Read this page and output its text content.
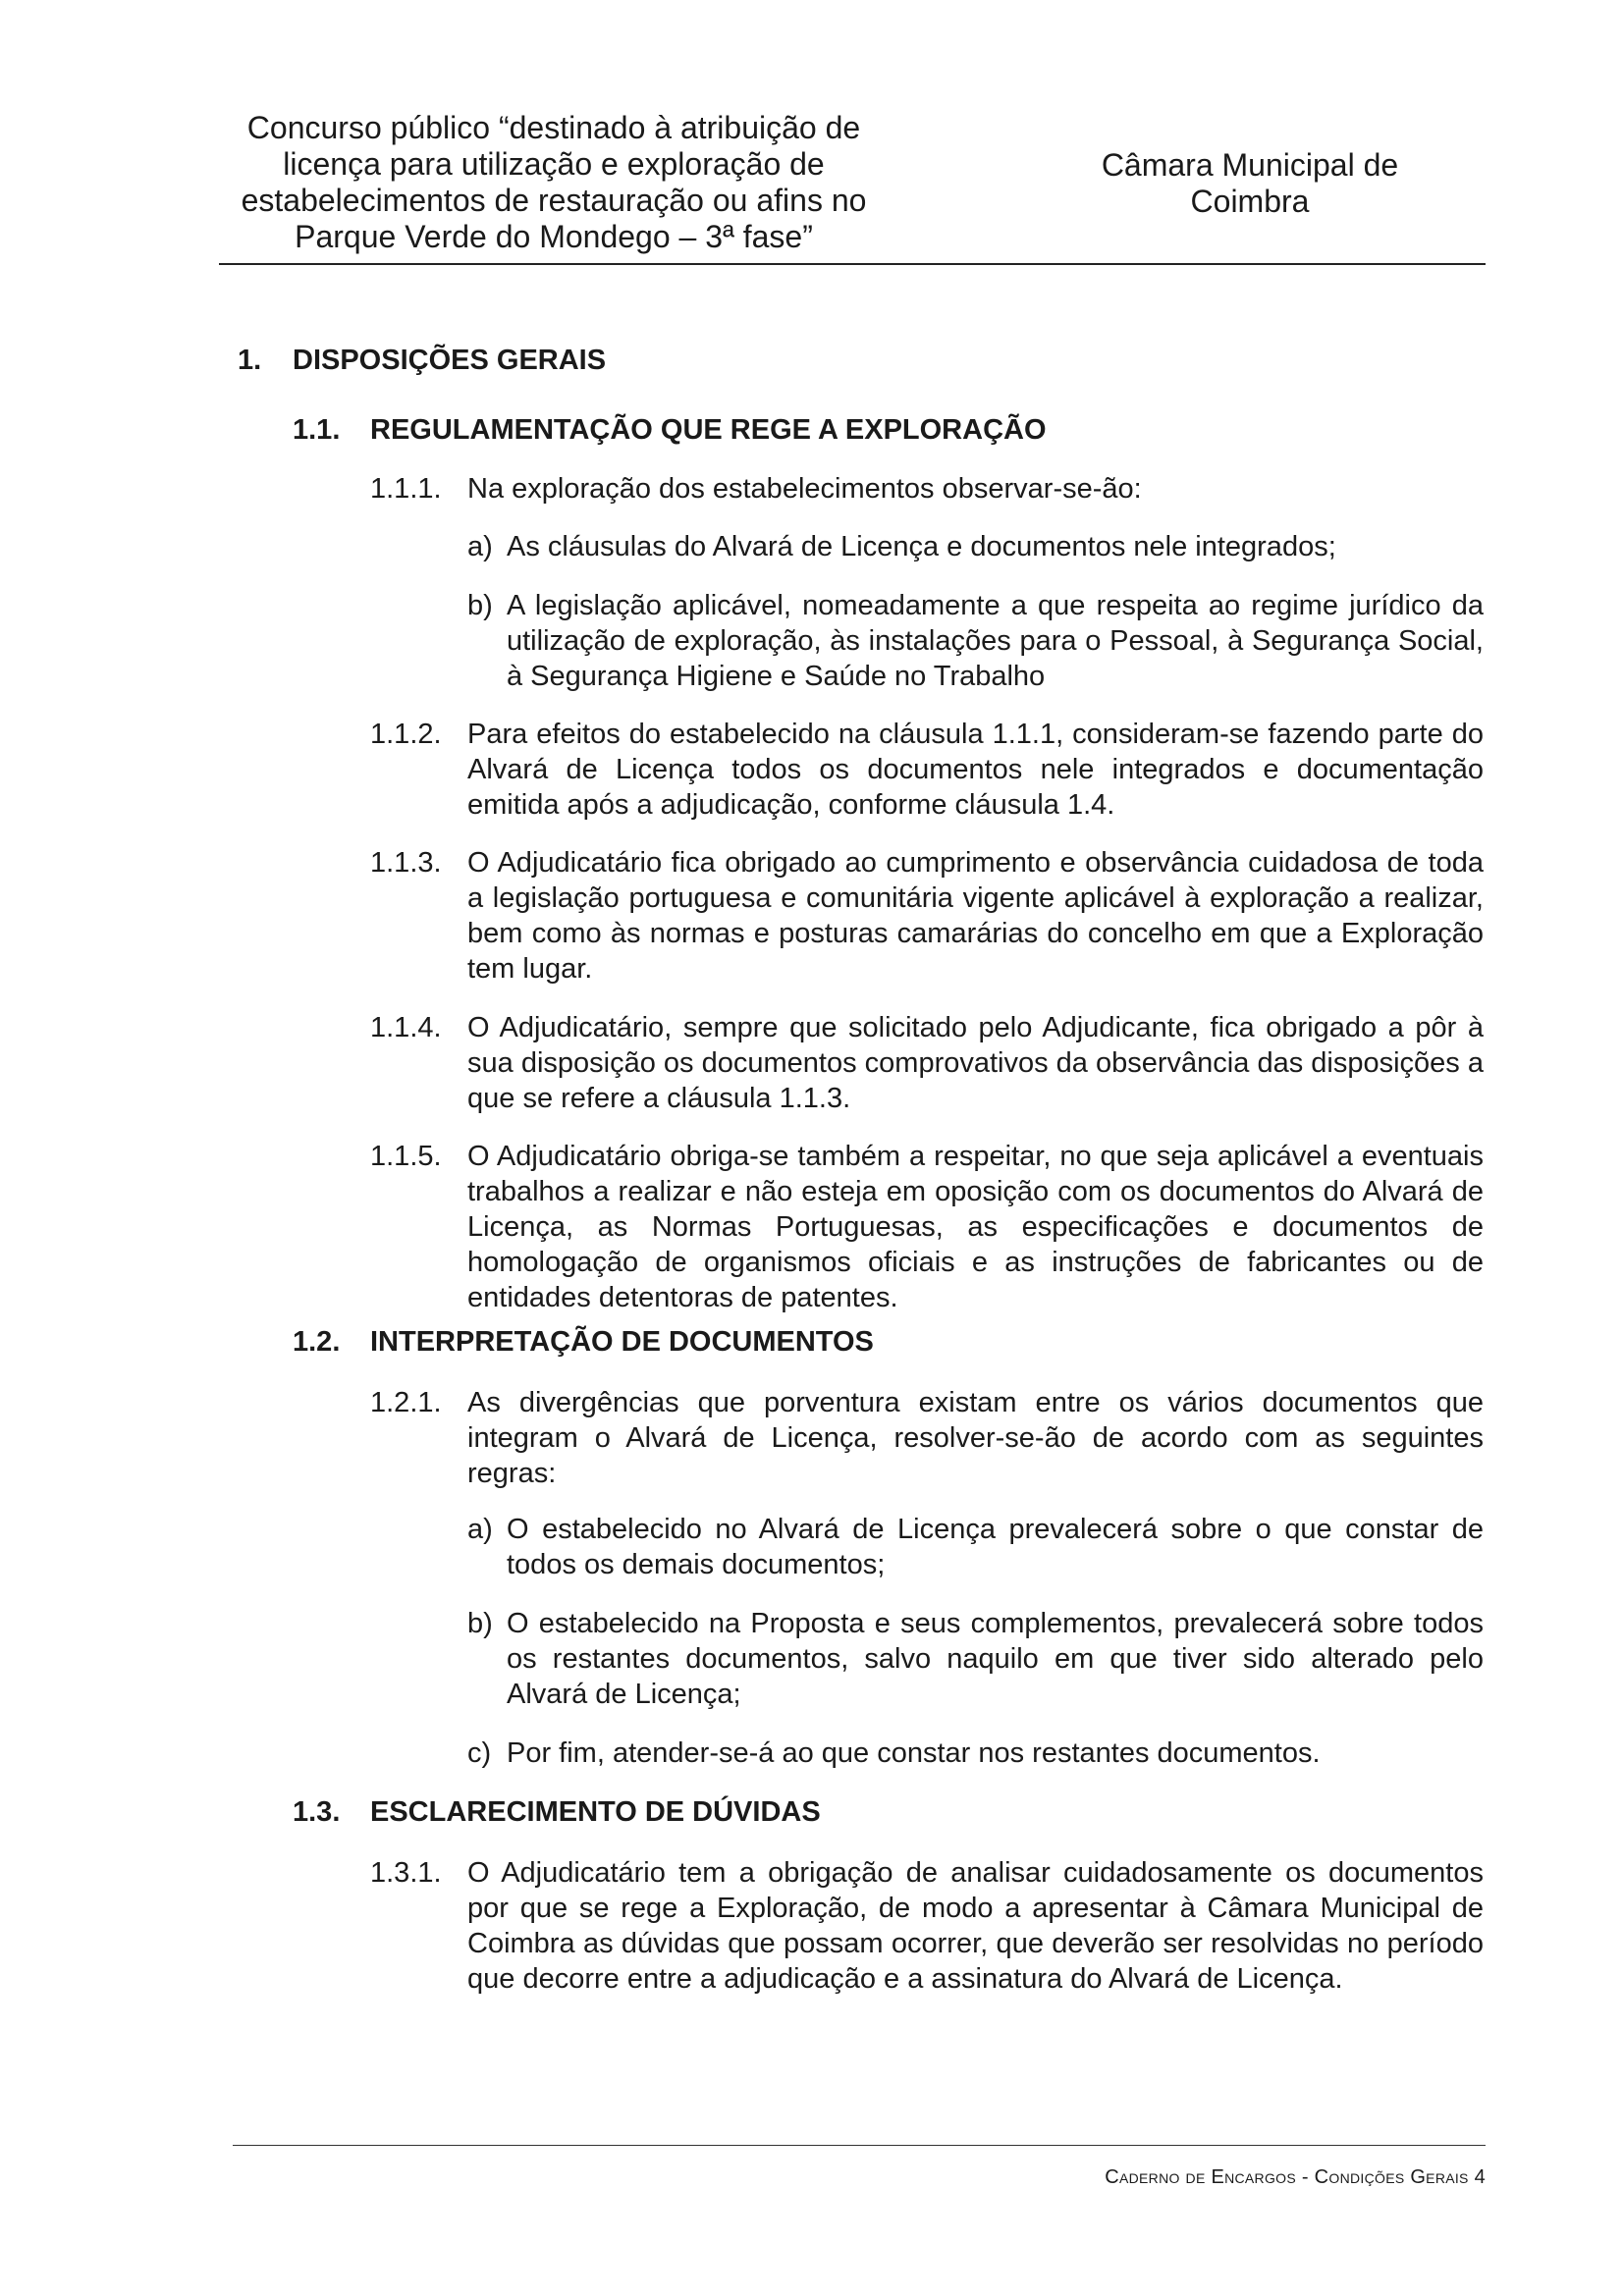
Concurso público “destinado à atribuição de
licença para utilização e exploração de
estabelecimentos de restauração ou afins no
Parque Verde do Mondego – 3ª fase”
Câmara Municipal de
Coimbra
1. DISPOSIÇÕES GERAIS
1.1. REGULAMENTAÇÃO QUE REGE A EXPLORAÇÃO
1.1.1. Na exploração dos estabelecimentos observar-se-ão:
a) As cláusulas do Alvará de Licença e documentos nele integrados;
b) A legislação aplicável, nomeadamente a que respeita ao regime jurídico da utilização de exploração, às instalações para o Pessoal, à Segurança Social, à Segurança Higiene e Saúde no Trabalho
1.1.2. Para efeitos do estabelecido na cláusula 1.1.1, consideram-se fazendo parte do Alvará de Licença todos os documentos nele integrados e documentação emitida após a adjudicação, conforme cláusula 1.4.
1.1.3. O Adjudicatário fica obrigado ao cumprimento e observância cuidadosa de toda a legislação portuguesa e comunitária vigente aplicável à exploração a realizar, bem como às normas e posturas camarárias do concelho em que a Exploração tem lugar.
1.1.4. O Adjudicatário, sempre que solicitado pelo Adjudicante, fica obrigado a pôr à sua disposição os documentos comprovativos da observância das disposições a que se refere a cláusula 1.1.3.
1.1.5. O Adjudicatário obriga-se também a respeitar, no que seja aplicável a eventuais trabalhos a realizar e não esteja em oposição com os documentos do Alvará de Licença, as Normas Portuguesas, as especificações e documentos de homologação de organismos oficiais e as instruções de fabricantes ou de entidades detentoras de patentes.
1.2. INTERPRETAÇÃO DE DOCUMENTOS
1.2.1. As divergências que porventura existam entre os vários documentos que integram o Alvará de Licença, resolver-se-ão de acordo com as seguintes regras:
a) O estabelecido no Alvará de Licença prevalecerá sobre o que constar de todos os demais documentos;
b) O estabelecido na Proposta e seus complementos, prevalecerá sobre todos os restantes documentos, salvo naquilo em que tiver sido alterado pelo Alvará de Licença;
c) Por fim, atender-se-á ao que constar nos restantes documentos.
1.3. ESCLARECIMENTO DE DÚVIDAS
1.3.1. O Adjudicatário tem a obrigação de analisar cuidadosamente os documentos por que se rege a Exploração, de modo a apresentar à Câmara Municipal de Coimbra as dúvidas que possam ocorrer, que deverão ser resolvidas no período que decorre entre a adjudicação e a assinatura do Alvará de Licença.
Caderno de Encargos - Condições Gerais 4
